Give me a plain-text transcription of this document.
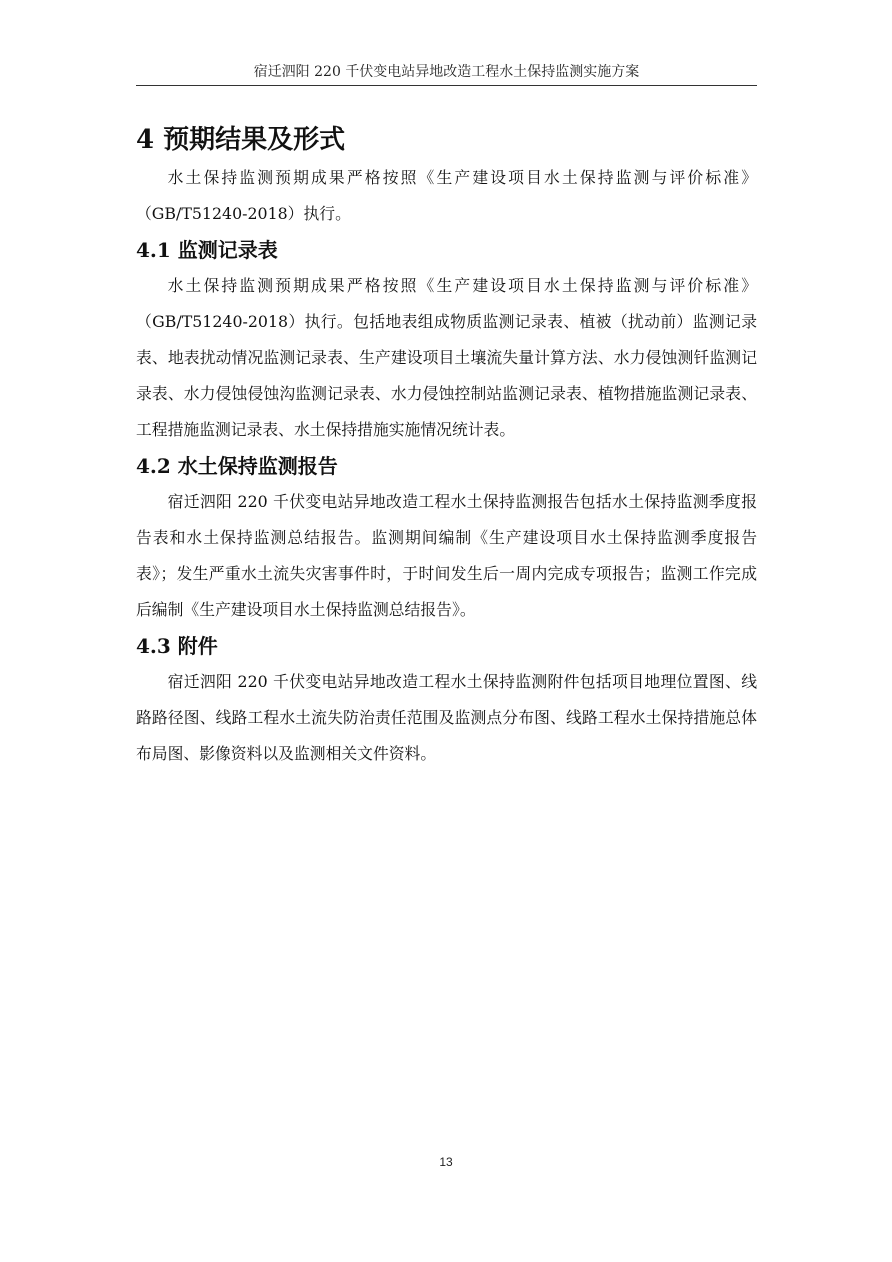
宿迁泗阳 220 千伏变电站异地改造工程水土保持监测实施方案
4 预期结果及形式

水土保持监测预期成果严格按照《生产建设项目水土保持监测与评价标准》（GB/T51240-2018）执行。

4.1 监测记录表

水土保持监测预期成果严格按照《生产建设项目水土保持监测与评价标准》（GB/T51240-2018）执行。包括地表组成物质监测记录表、植被（扰动前）监测记录表、地表扰动情况监测记录表、生产建设项目土壤流失量计算方法、水力侵蚀测钎监测记录表、水力侵蚀侵蚀沟监测记录表、水力侵蚀控制站监测记录表、植物措施监测记录表、工程措施监测记录表、水土保持措施实施情况统计表。

4.2 水土保持监测报告

宿迁泗阳 220 千伏变电站异地改造工程水土保持监测报告包括水土保持监测季度报告表和水土保持监测总结报告。监测期间编制《生产建设项目水土保持监测季度报告表》；发生严重水土流失灾害事件时，于时间发生后一周内完成专项报告；监测工作完成后编制《生产建设项目水土保持监测总结报告》。

4.3 附件

宿迁泗阳 220 千伏变电站异地改造工程水土保持监测附件包括项目地理位置图、线路路径图、线路工程水土流失防治责任范围及监测点分布图、线路工程水土保持措施总体布局图、影像资料以及监测相关文件资料。

13
